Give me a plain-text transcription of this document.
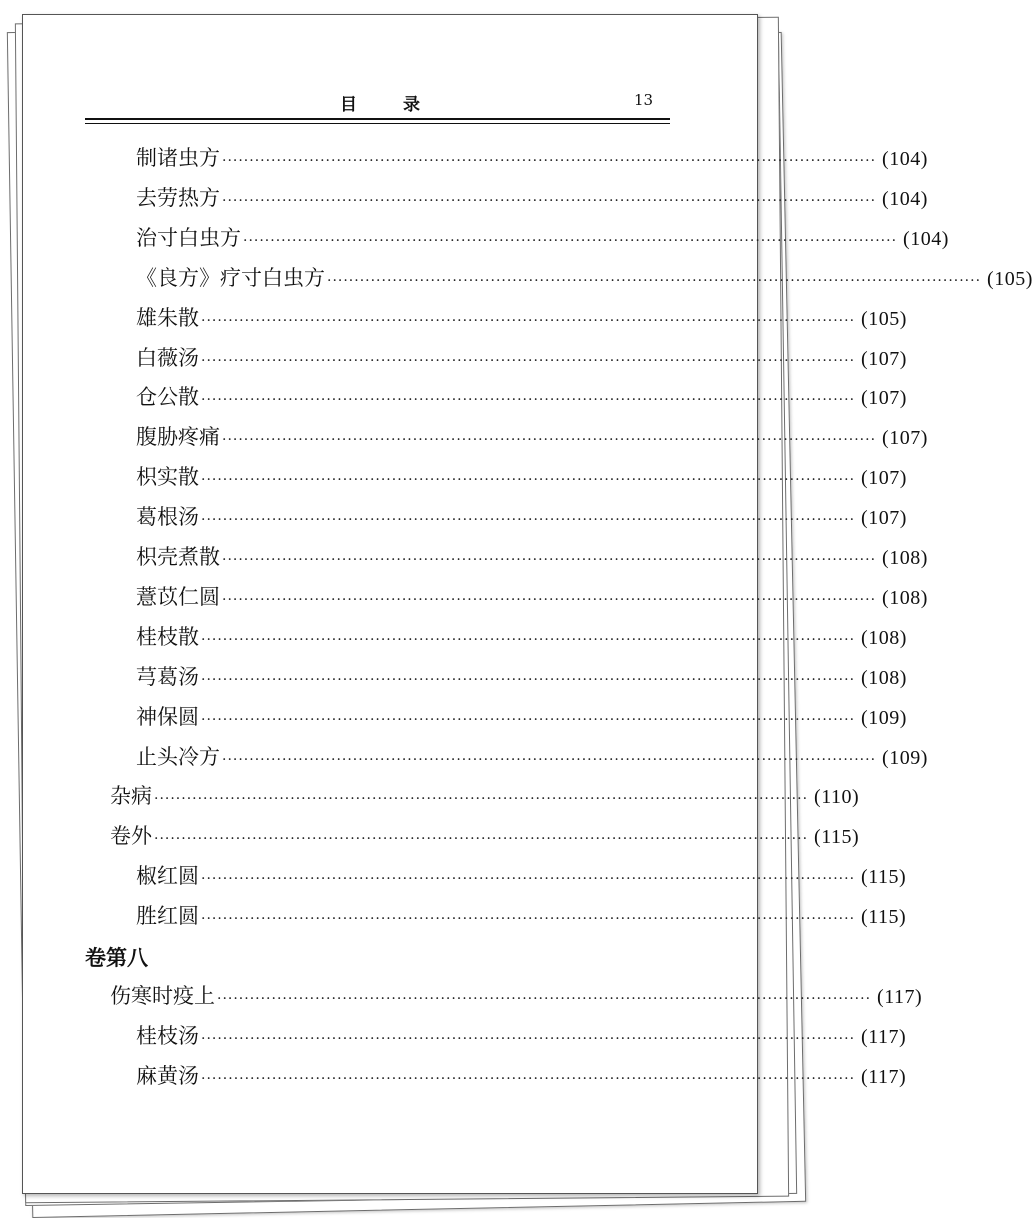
目录	13
制诸虫方 ························································································································ (104)
去劳热方 ························································································································ (104)
治寸白虫方 ························································································································ (104)
《良方》疗寸白虫方 ························································································································ (105)
雄朱散 ························································································································ (105)
白薇汤 ························································································································ (107)
仓公散 ························································································································ (107)
腹胁疼痛 ························································································································ (107)
枳实散 ························································································································ (107)
葛根汤 ························································································································ (107)
枳壳煮散 ························································································································ (108)
薏苡仁圆 ························································································································ (108)
桂枝散 ························································································································ (108)
芎葛汤 ························································································································ (108)
神保圆 ························································································································ (109)
止头冷方 ························································································································ (109)
杂病 ························································································································ (110)
卷外 ························································································································ (115)
椒红圆 ························································································································ (115)
胜红圆 ························································································································ (115)
伤寒时疫上 ························································································································ (117)
桂枝汤 ························································································································ (117)
麻黄汤 ························································································································ (117)
卷第八
